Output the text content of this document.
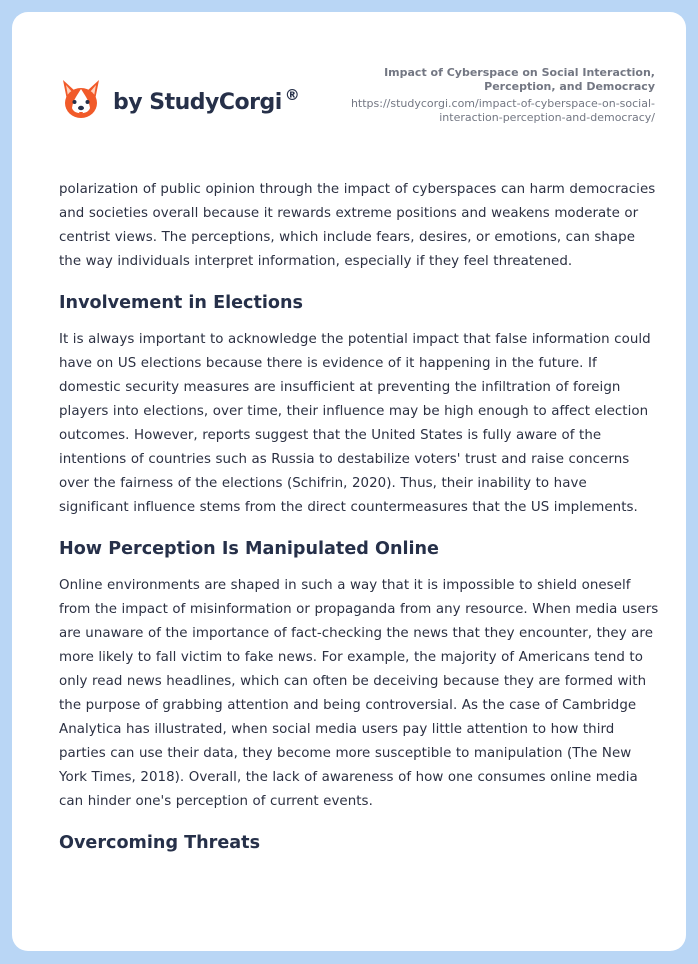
by StudyCorgi ®
Impact of Cyberspace on Social Interaction, Perception, and Democracy
https://studycorgi.com/impact-of-cyberspace-on-social-interaction-perception-and-democracy/

polarization of public opinion through the impact of cyberspaces can harm democracies and societies overall because it rewards extreme positions and weakens moderate or centrist views. The perceptions, which include fears, desires, or emotions, can shape the way individuals interpret information, especially if they feel threatened.

Involvement in Elections

It is always important to acknowledge the potential impact that false information could have on US elections because there is evidence of it happening in the future. If domestic security measures are insufficient at preventing the infiltration of foreign players into elections, over time, their influence may be high enough to affect election outcomes. However, reports suggest that the United States is fully aware of the intentions of countries such as Russia to destabilize voters' trust and raise concerns over the fairness of the elections (Schifrin, 2020). Thus, their inability to have significant influence stems from the direct countermeasures that the US implements.

How Perception Is Manipulated Online

Online environments are shaped in such a way that it is impossible to shield oneself from the impact of misinformation or propaganda from any resource. When media users are unaware of the importance of fact-checking the news that they encounter, they are more likely to fall victim to fake news. For example, the majority of Americans tend to only read news headlines, which can often be deceiving because they are formed with the purpose of grabbing attention and being controversial. As the case of Cambridge Analytica has illustrated, when social media users pay little attention to how third parties can use their data, they become more susceptible to manipulation (The New York Times, 2018). Overall, the lack of awareness of how one consumes online media can hinder one's perception of current events.

Overcoming Threats
